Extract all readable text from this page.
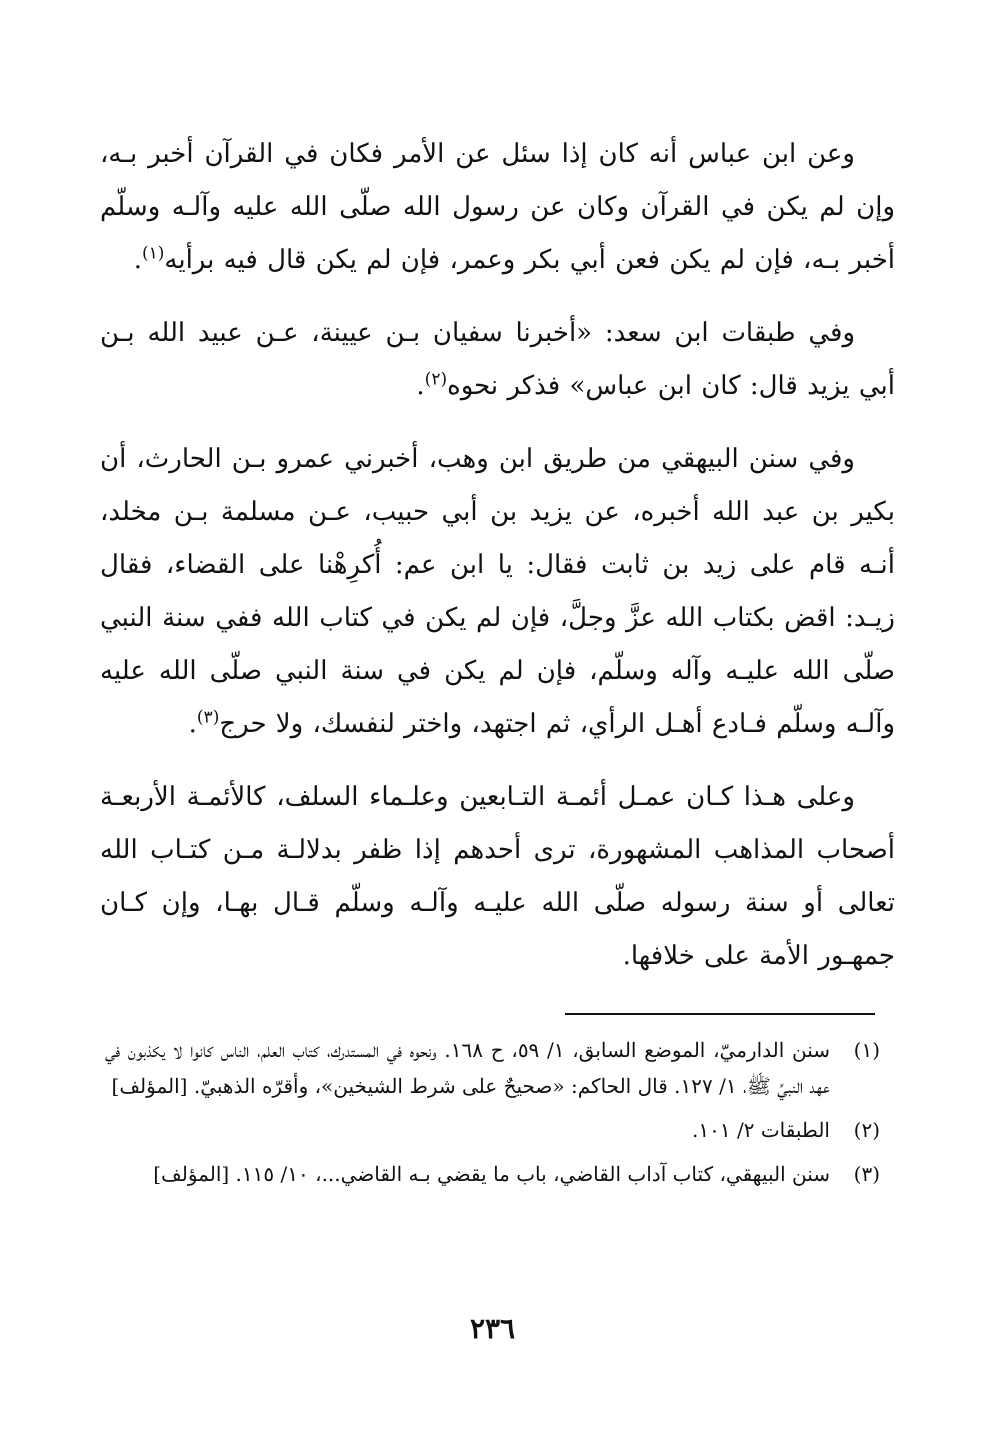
وعن ابن عباس أنه كان إذا سئل عن الأمر فكان في القرآن أخبر بـه، وإن لم يكن في القرآن وكان عن رسول الله صلّى الله عليه وآلـه وسلّم أخبر بـه، فإن لم يكن فعن أبي بكر وعمر، فإن لم يكن قال فيه برأيه$^{(١)}$.

وفي طبقات ابن سعد: «أخبرنا سفيان بـن عيينة، عـن عبيد الله بـن أبي يزيد قال: كان ابن عباس» فذكر نحوه$^{(٢)}$.

وفي سنن البيهقي من طريق ابن وهب، أخبرني عمرو بـن الحارث، أن بكير بن عبد الله أخبره، عن يزيد بن أبي حبيب، عـن مسلمة بـن مخلد، أنـه قام على زيد بن ثابت فقال: يا ابن عم: أُكرِهْنا على القضاء، فقال زيـد: اقض بكتاب الله عزَّ وجلَّ، فإن لم يكن في كتاب الله ففي سنة النبي صلّى الله عليـه وآله وسلّم، فإن لم يكن في سنة النبي صلّى الله عليه وآلـه وسلّم فـادع أهـل الرأي، ثم اجتهد، واختر لنفسك، ولا حرج$^{(٣)}$.

وعلى هـذا كـان عمـل أئمـة التـابعين وعلـماء السلف، كالأئمـة الأربعـة أصحاب المذاهب المشهورة، ترى أحدهم إذا ظفر بدلالـة مـن كتـاب الله تعالى أو سنة رسوله صلّى الله عليـه وآلـه وسلّم قـال بهـا، وإن كـان جمهـور الأمة على خلافها.

(١)
سنن الدارميّ، الموضع السابق، ١/ ٥٩، ح ١٦٨. ونحوه في المستدرك، كتاب العلم، الناس كانوا لا يكذبون في عهد النبيِّ ﷺ، ١/ ١٢٧. قال الحاكم: «صحيحٌ على شرط الشيخين»، وأقرّه الذهبيّ. [المؤلف]
(٢)
الطبقات ٢/ ١٠١.
(٣)
سنن البيهقي، كتاب آداب القاضي، باب ما يقضي بـه القاضي...، ١٠/ ١١٥. [المؤلف]
٢٣٦
